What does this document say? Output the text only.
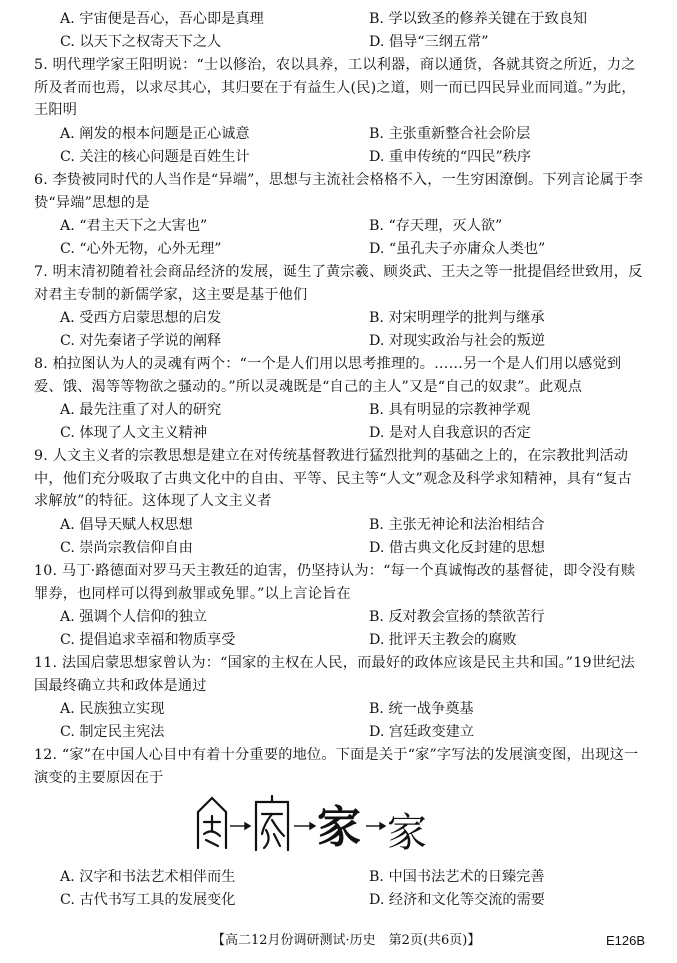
A. 宇宙便是吾心，吾心即是真理	B. 学以致圣的修养关键在于致良知
C. 以天下之权寄天下之人	D. 倡导“三纲五常”
5. 明代理学家王阳明说：“士以修治，农以具养，工以利器，商以通货，各就其资之所近，力之所及者而也焉，以求尽其心，其归要在于有益生人(民)之道，则一而已四民异业而同道。”为此，王阳明
A. 阐发的根本问题是正心诚意	B. 主张重新整合社会阶层
C. 关注的核心问题是百姓生计	D. 重申传统的“四民”秩序
6. 李贽被同时代的人当作是“异端”，思想与主流社会格格不入，一生穷困潦倒。下列言论属于李贽“异端”思想的是
A. “君主天下之大害也”	B. “存天理，灭人欲”
C. “心外无物，心外无理”	D. “虽孔夫子亦庸众人类也”
7. 明末清初随着社会商品经济的发展，诞生了黄宗羲、顾炎武、王夫之等一批提倡经世致用，反对君主专制的新儒学家，这主要是基于他们
A. 受西方启蒙思想的启发	B. 对宋明理学的批判与继承
C. 对先秦诸子学说的阐释	D. 对现实政治与社会的叛逆
8. 柏拉图认为人的灵魂有两个：“一个是人们用以思考推理的。……另一个是人们用以感觉到爱、饿、渴等等物欲之骚动的。”所以灵魂既是“自己的主人”又是“自己的奴隶”。此观点
A. 最先注重了对人的研究	B. 具有明显的宗教神学观
C. 体现了人文主义精神	D. 是对人自我意识的否定
9. 人文主义者的宗教思想是建立在对传统基督教进行猛烈批判的基础之上的，在宗教批判活动中，他们充分吸取了古典文化中的自由、平等、民主等“人文”观念及科学求知精神，具有“复古求解放”的特征。这体现了人文主义者
A. 倡导天赋人权思想	B. 主张无神论和法治相结合
C. 崇尚宗教信仰自由	D. 借古典文化反封建的思想
10. 马丁·路德面对罗马天主教廷的迫害，仍坚持认为：“每一个真诚悔改的基督徒，即令没有赎罪券，也同样可以得到赦罪或免罪。”以上言论旨在
A. 强调个人信仰的独立	B. 反对教会宣扬的禁欲苦行
C. 提倡追求幸福和物质享受	D. 批评天主教会的腐败
11. 法国启蒙思想家曾认为：“国家的主权在人民，而最好的政体应该是民主共和国。”19世纪法国最终确立共和政体是通过
A. 民族独立实现	B. 统一战争奠基
C. 制定民主宪法	D. 宫廷政变建立
12. “家”在中国人心目中有着十分重要的地位。下面是关于“家”字写法的发展演变图，出现这一演变的主要原因在于
家 家
A. 汉字和书法艺术相伴而生	B. 中国书法艺术的日臻完善
C. 古代书写工具的发展变化	D. 经济和文化等交流的需要
【高二12月份调研测试·历史　第2页(共6页)】	E126B
